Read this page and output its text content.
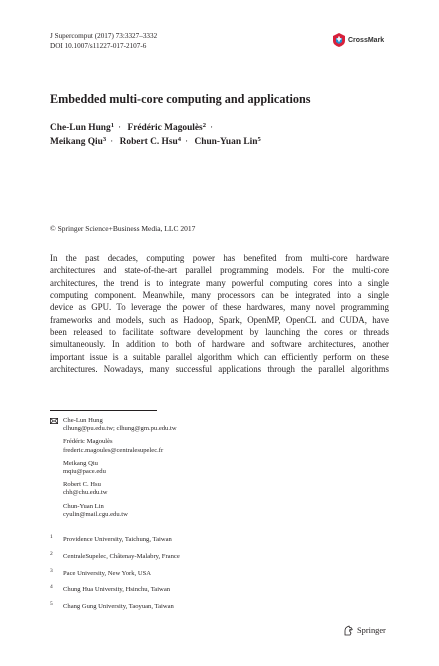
J Supercomput (2017) 73:3327–3332
DOI 10.1007/s11227-017-2107-6
CrossMark
Embedded multi-core computing and applications
Che-Lun Hung$^1$ · Frédéric Magoulès$^2$ ·
Meikang Qiu$^3$ · Robert C. Hsu$^4$ · Chun-Yuan Lin$^5$
© Springer Science+Business Media, LLC 2017
In the past decades, computing power has benefited from multi-core hardware
architectures and state-of-the-art parallel programming models. For the multi-core
architectures, the trend is to integrate many powerful computing cores into a single
computing component. Meanwhile, many processors can be integrated into a single
device as GPU. To leverage the power of these hardwares, many novel programming
frameworks and models, such as Hadoop, Spark, OpenMP, OpenCL and CUDA, have
been released to facilitate software development by launching the cores or threads
simultaneously. In addition to both of hardware and software architectures, another
important issue is a suitable parallel algorithm which can efficiently perform on these
architectures. Nowadays, many successful applications through the parallel algorithms
Che-Lun Hung
clhung@pu.edu.tw; clhung@gm.pu.edu.tw
Frédéric Magoulès
frederic.magoules@centralesupelec.fr
Meikang Qiu
mqiu@pace.edu
Robert C. Hsu
chh@chu.edu.tw
Chun-Yuan Lin
cyulin@mail.cgu.edu.tw
1 Providence University, Taichung, Taiwan
2 CentraleSupelec, Châtenay-Malabry, France
3 Pace University, New York, USA
4 Chung Hua University, Hsinchu, Taiwan
5 Chang Gung University, Taoyuan, Taiwan
Springer
